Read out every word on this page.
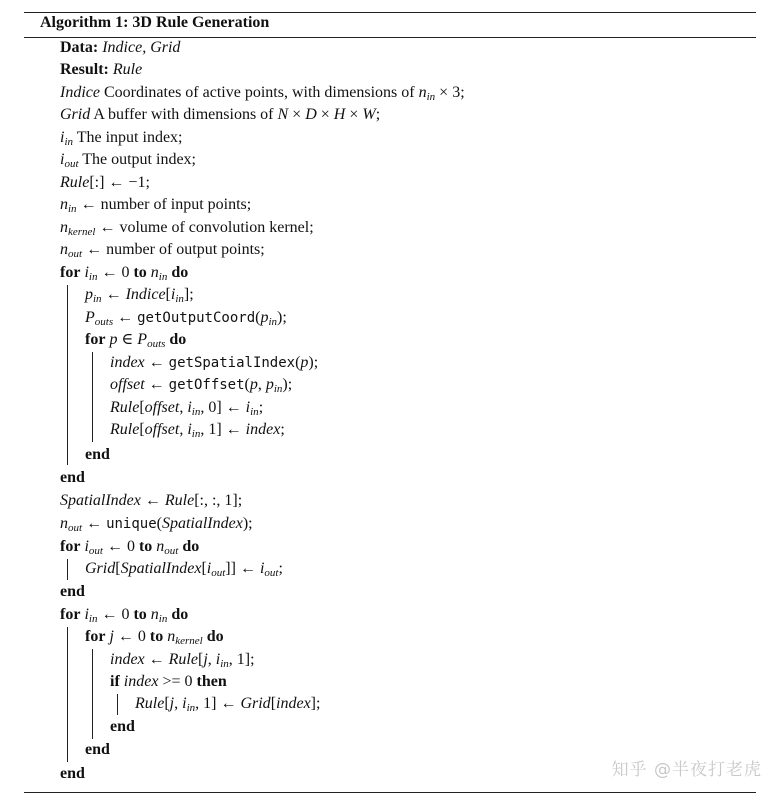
Algorithm 1: 3D Rule Generation
Data: Indice, Grid
Result: Rule
Indice Coordinates of active points, with dimensions of $n_{in} \times 3$;
Grid A buffer with dimensions of N × D × H × W;
$i_{in}$ The input index;
$i_{out}$ The output index;
Rule[:] ← −1;
$n_{in}$ ← number of input points;
$n_{kernel}$ ← volume of convolution kernel;
$n_{out}$ ← number of output points;
for $i_{in}$ ← 0 to $n_{in}$ do
$p_{in}$ ← $Indice[i_{in}]$;
$P_{outs}$ ← $getOutputCoord(p_{in})$;
for p ∈ $P_{outs}$ do
index ← getSpatialIndex(p);
offset ← getOffset(p, $p_{in}$);
Rule[offset, $i_{in}$, 0] ← $i_{in}$;
Rule[offset, $i_{in}$, 1] ← index;
end
end
SpatialIndex ← Rule[:, :, 1];
$n_{out}$ ← unique(SpatialIndex);
for $i_{out}$ ← 0 to $n_{out}$ do
$Grid[SpatialIndex[i_{out}]]$ ← $i_{out}$;
end
for $i_{in}$ ← 0 to $n_{in}$ do
for j ← 0 to $n_{kernel}$ do
index ← Rule[j, $i_{in}$, 1];
if index >= 0 then
Rule[j, $i_{in}$, 1] ← Grid[index];
end
end
end	知乎 @半夜打老虎
